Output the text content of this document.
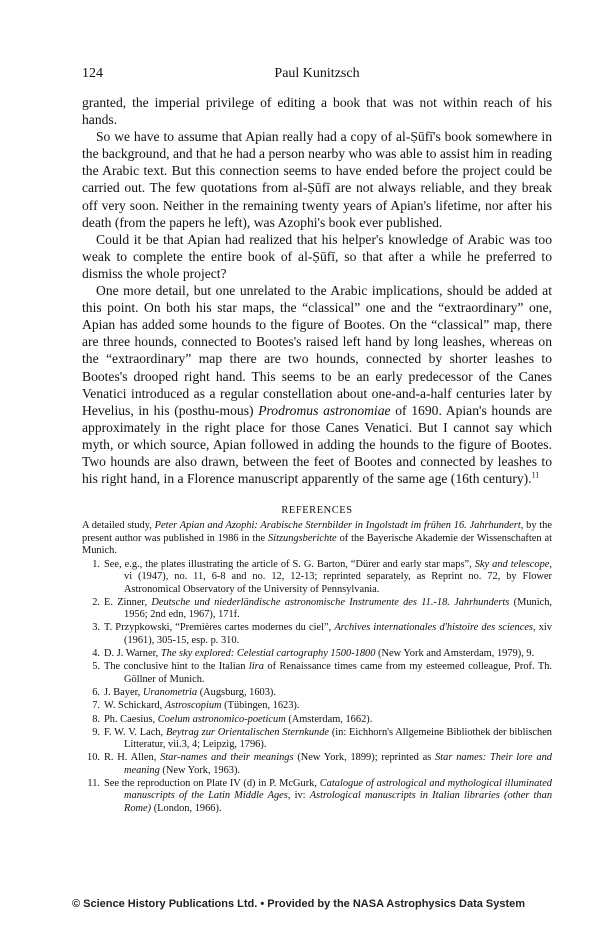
124	Paul Kunitzsch

granted, the imperial privilege of editing a book that was not within reach of his hands.

So we have to assume that Apian really had a copy of al-Ṣūfī's book somewhere in the background, and that he had a person nearby who was able to assist him in reading the Arabic text. But this connection seems to have ended before the project could be carried out. The few quotations from al-Ṣūfī are not always reliable, and they break off very soon. Neither in the remaining twenty years of Apian's lifetime, nor after his death (from the papers he left), was Azophi's book ever published.

Could it be that Apian had realized that his helper's knowledge of Arabic was too weak to complete the entire book of al-Ṣūfī, so that after a while he preferred to dismiss the whole project?

One more detail, but one unrelated to the Arabic implications, should be added at this point. On both his star maps, the “classical” one and the “extraordinary” one, Apian has added some hounds to the figure of Bootes. On the “classical” map, there are three hounds, connected to Bootes's raised left hand by long leashes, whereas on the “extraordinary” map there are two hounds, connected by shorter leashes to Bootes's drooped right hand. This seems to be an early predecessor of the Canes Venatici introduced as a regular constellation about one-and-a-half centuries later by Hevelius, in his (posthu-mous) Prodromus astronomiae of 1690. Apian's hounds are approximately in the right place for those Canes Venatici. But I cannot say which myth, or which source, Apian followed in adding the hounds to the figure of Bootes. Two hounds are also drawn, between the feet of Bootes and connected by leashes to his right hand, in a Florence manuscript apparently of the same age (16th century).$^{11}$

REFERENCES
A detailed study, Peter Apian and Azophi: Arabische Sternbilder in Ingolstadt im frühen 16. Jahrhundert, by the present author was published in 1986 in the Sitzungsberichte of the Bayerische Akademie der Wissenschaften at Munich.
1. See, e.g., the plates illustrating the article of S. G. Barton, “Dürer and early star maps”, Sky and telescope, vi (1947), no. 11, 6-8 and no. 12, 12-13; reprinted separately, as Reprint no. 72, by Flower Astronomical Observatory of the University of Pennsylvania.
2. E. Zinner, Deutsche und niederländische astronomische Instrumente des 11.-18. Jahrhunderts (Munich, 1956; 2nd edn, 1967), 171f.
3. T. Przypkowski, “Premières cartes modernes du ciel”, Archives internationales d'histoire des sciences, xiv (1961), 305-15, esp. p. 310.
4. D. J. Warner, The sky explored: Celestial cartography 1500-1800 (New York and Amsterdam, 1979), 9.
5. The conclusive hint to the Italian lira of Renaissance times came from my esteemed colleague, Prof. Th. Göllner of Munich.
6. J. Bayer, Uranometria (Augsburg, 1603).
7. W. Schickard, Astroscopium (Tübingen, 1623).
8. Ph. Caesius, Coelum astronomico-poeticum (Amsterdam, 1662).
9. F. W. V. Lach, Beytrag zur Orientalischen Sternkunde (in: Eichhorn's Allgemeine Bibliothek der biblischen Litteratur, vii.3, 4; Leipzig, 1796).
10. R. H. Allen, Star-names and their meanings (New York, 1899); reprinted as Star names: Their lore and meaning (New York, 1963).
11. See the reproduction on Plate IV (d) in P. McGurk, Catalogue of astrological and mythological illuminated manuscripts of the Latin Middle Ages, iv: Astrological manuscripts in Italian libraries (other than Rome) (London, 1966).
© Science History Publications Ltd. • Provided by the NASA Astrophysics Data System
